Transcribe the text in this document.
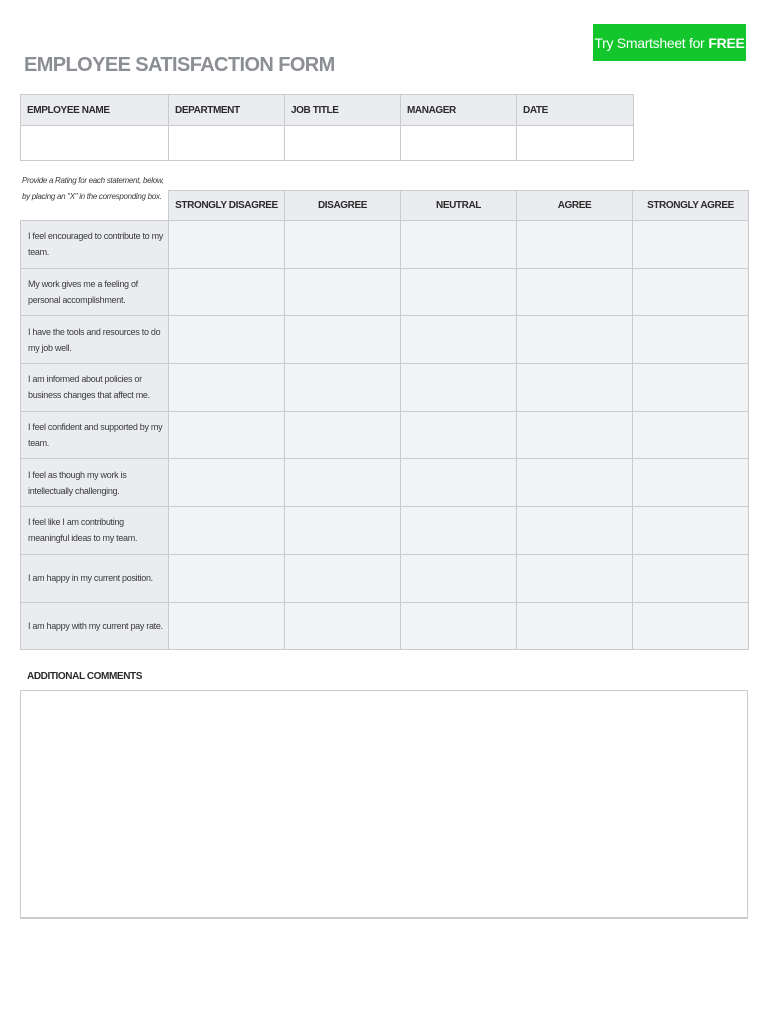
Try Smartsheet for FREE
EMPLOYEE SATISFACTION FORM
EMPLOYEE NAME	DEPARTMENT	JOB TITLE	MANAGER	DATE

Provide a Rating for each statement, below, by placing an "X" in the corresponding box.
	STRONGLY DISAGREE	DISAGREE	NEUTRAL	AGREE	STRONGLY AGREE
I feel encouraged to contribute to my team.					
My work gives me a feeling of personal accomplishment.					
I have the tools and resources to do my job well.					
I am informed about policies or business changes that affect me.					
I feel confident and supported by my team.					
I feel as though my work is intellectually challenging.					
I feel like I am contributing meaningful ideas to my team.					
I am happy in my current position.					
I am happy with my current pay rate.					
ADDITIONAL COMMENTS
